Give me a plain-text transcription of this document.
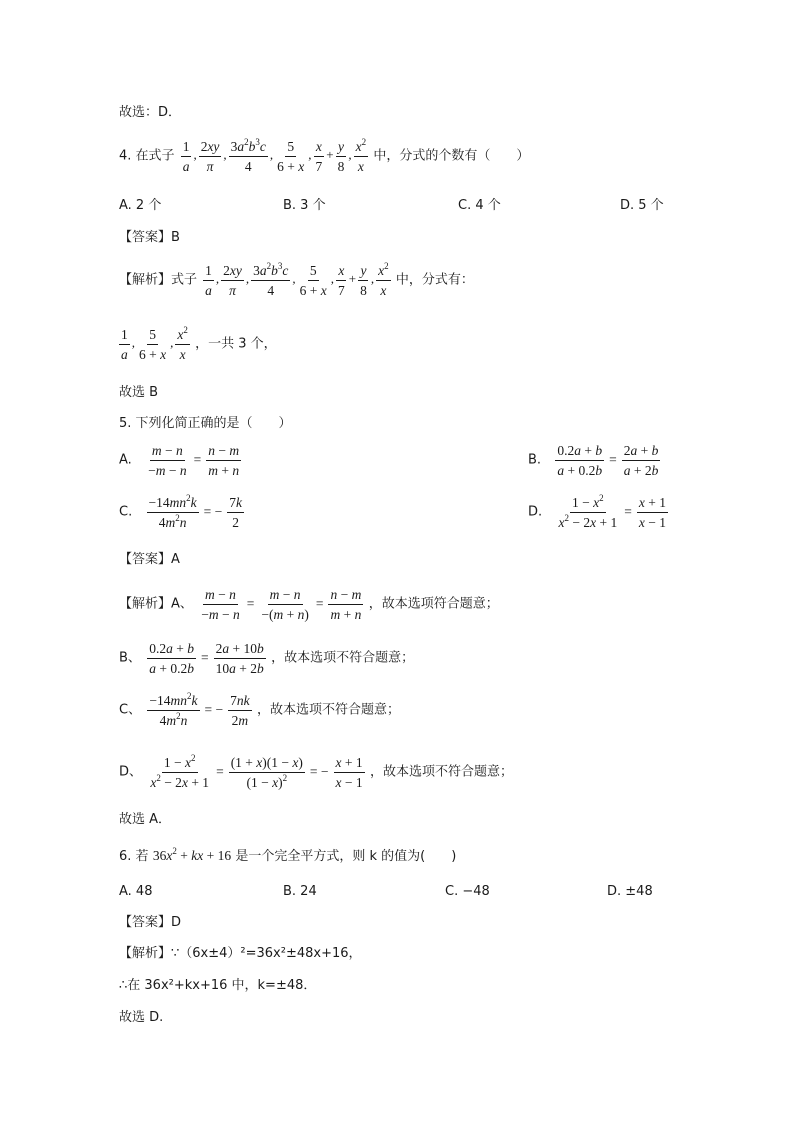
故选：D．
4. 在式子 $\frac{1}{a}$ , $\frac{2xy}{\pi}$ , $\frac{3a^2b^3c}{4}$ , $\frac{5}{6 + x}$ , $\frac{x}{7} + \frac{y}{8}$ , $\frac{x^2}{x}$ 中，分式的个数有（　　）
A. 2 个	B. 3 个	C. 4 个	D. 5 个
【答案】B
【解析】式子 $\frac{1}{a}$ , $\frac{2xy}{\pi}$ , $\frac{3a^2b^3c}{4}$ , $\frac{5}{6 + x}$ , $\frac{x}{7} + \frac{y}{8}$ , $\frac{x^2}{x}$ 中，分式有：
$\frac{1}{a}$ , $\frac{5}{6 + x}$ , $\frac{x^2}{x}$ ，一共 3 个，
故选 B
5. 下列化简正确的是（　　）
A. $\frac{m - n}{-m - n} = \frac{n - m}{m + n}$	B. $\frac{0.2a + b}{a + 0.2b} = \frac{2a + b}{a + 2b}$
C. $\frac{-14mn^2k}{4m^2n}$ = − $\frac{7k}{2}$	D. $\frac{1 - x^2}{x^2 - 2x + 1} = \frac{x + 1}{x - 1}$
【答案】A
【解析】A、 $\frac{m - n}{-m - n} = \frac{m - n}{-(m + n)} = \frac{n - m}{m + n}$ ，故本选项符合题意；
B、 $\frac{0.2a + b}{a + 0.2b} = \frac{2a + 10b}{10a + 2b}$ ，故本选项不符合题意；
C、 $\frac{-14mn^2k}{4m^2n}$ = − $\frac{7nk}{2m}$ ，故本选项不符合题意；
D、 $\frac{1 - x^2}{x^2 - 2x + 1} = \frac{(1 + x)(1 - x)}{(1 - x)^2}$ = − $\frac{x + 1}{x - 1}$ ，故本选项不符合题意；
故选 A．
6. 若 $36x^2$ + kx + 16 是一个完全平方式，则 k 的值为(　　)
A. 48	B. 24	C. −48	D. ±48
【答案】D
【解析】∵（6x±4）²=36x²±48x+16，
∴在 36x²+kx+16 中，k=±48．
故选 D.
